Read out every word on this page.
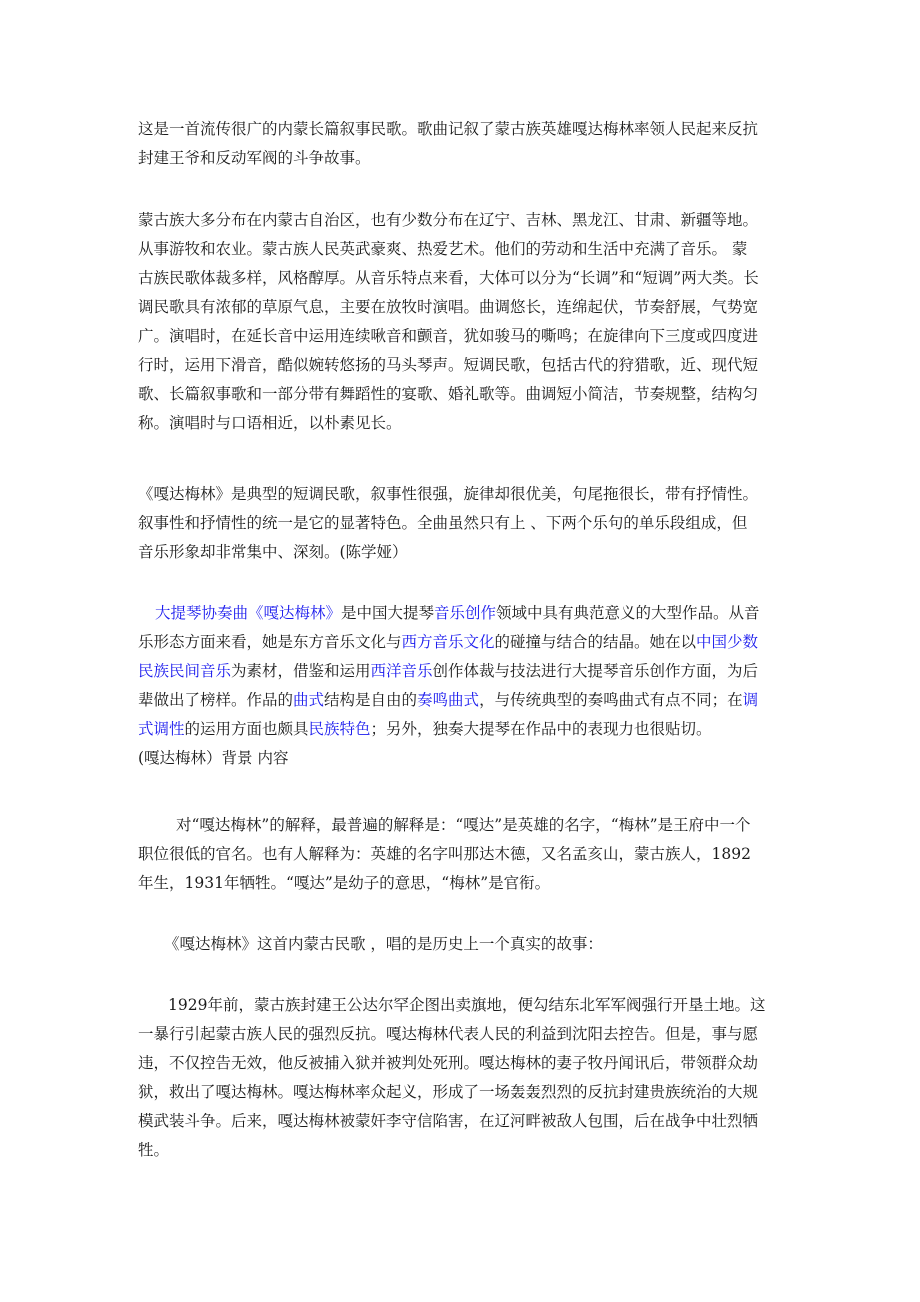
这是一首流传很广的内蒙长篇叙事民歌。歌曲记叙了蒙古族英雄嘎达梅林率领人民起来反抗
封建王爷和反动军阀的斗争故事。

蒙古族大多分布在内蒙古自治区，也有少数分布在辽宁、吉林、黑龙江、甘肃、新疆等地。
从事游牧和农业。蒙古族人民英武豪爽、热爱艺术。他们的劳动和生活中充满了音乐。 蒙
古族民歌体裁多样，风格醇厚。从音乐特点来看，大体可以分为“长调”和“短调”两大类。长
调民歌具有浓郁的草原气息，主要在放牧时演唱。曲调悠长，连绵起伏，节奏舒展，气势宽
广。演唱时，在延长音中运用连续啾音和颤音，犹如骏马的嘶鸣；在旋律向下三度或四度进
行时，运用下滑音，酷似婉转悠扬的马头琴声。短调民歌，包括古代的狩猎歌，近、现代短
歌、长篇叙事歌和一部分带有舞蹈性的宴歌、婚礼歌等。曲调短小简洁，节奏规整，结构匀
称。演唱时与口语相近，以朴素见长。

《嘎达梅林》是典型的短调民歌，叙事性很强，旋律却很优美，句尾拖很长，带有抒情性。
叙事性和抒情性的统一是它的显著特色。全曲虽然只有上 、下两个乐句的单乐段组成，但
音乐形象却非常集中、深刻。(陈学娅）

大提琴协奏曲《嘎达梅林》是中国大提琴音乐创作领域中具有典范意义的大型作品。从音
乐形态方面来看，她是东方音乐文化与西方音乐文化的碰撞与结合的结晶。她在以中国少数
民族民间音乐为素材，借鉴和运用西洋音乐创作体裁与技法进行大提琴音乐创作方面，为后
辈做出了榜样。作品的曲式结构是自由的奏鸣曲式，与传统典型的奏鸣曲式有点不同；在调
式调性的运用方面也颇具民族特色；另外，独奏大提琴在作品中的表现力也很贴切。
(嘎达梅林）背景 内容

对“嘎达梅林”的解释，最普遍的解释是：“嘎达”是英雄的名字，“梅林”是王府中一个
职位很低的官名。也有人解释为：英雄的名字叫那达木德，又名孟亥山，蒙古族人，1892
年生，1931年牺牲。“嘎达”是幼子的意思，“梅林”是官衔。

《嘎达梅林》这首内蒙古民歌 ，唱的是历史上一个真实的故事：

1929年前，蒙古族封建王公达尔罕企图出卖旗地，便勾结东北军军阀强行开垦土地。这
一暴行引起蒙古族人民的强烈反抗。嘎达梅林代表人民的利益到沈阳去控告。但是，事与愿
违，不仅控告无效，他反被捕入狱并被判处死刑。嘎达梅林的妻子牧丹闻讯后，带领群众劫
狱，救出了嘎达梅林。嘎达梅林率众起义，形成了一场轰轰烈烈的反抗封建贵族统治的大规
模武装斗争。后来，嘎达梅林被蒙奸李守信陷害，在辽河畔被敌人包围，后在战争中壮烈牺
牲。
